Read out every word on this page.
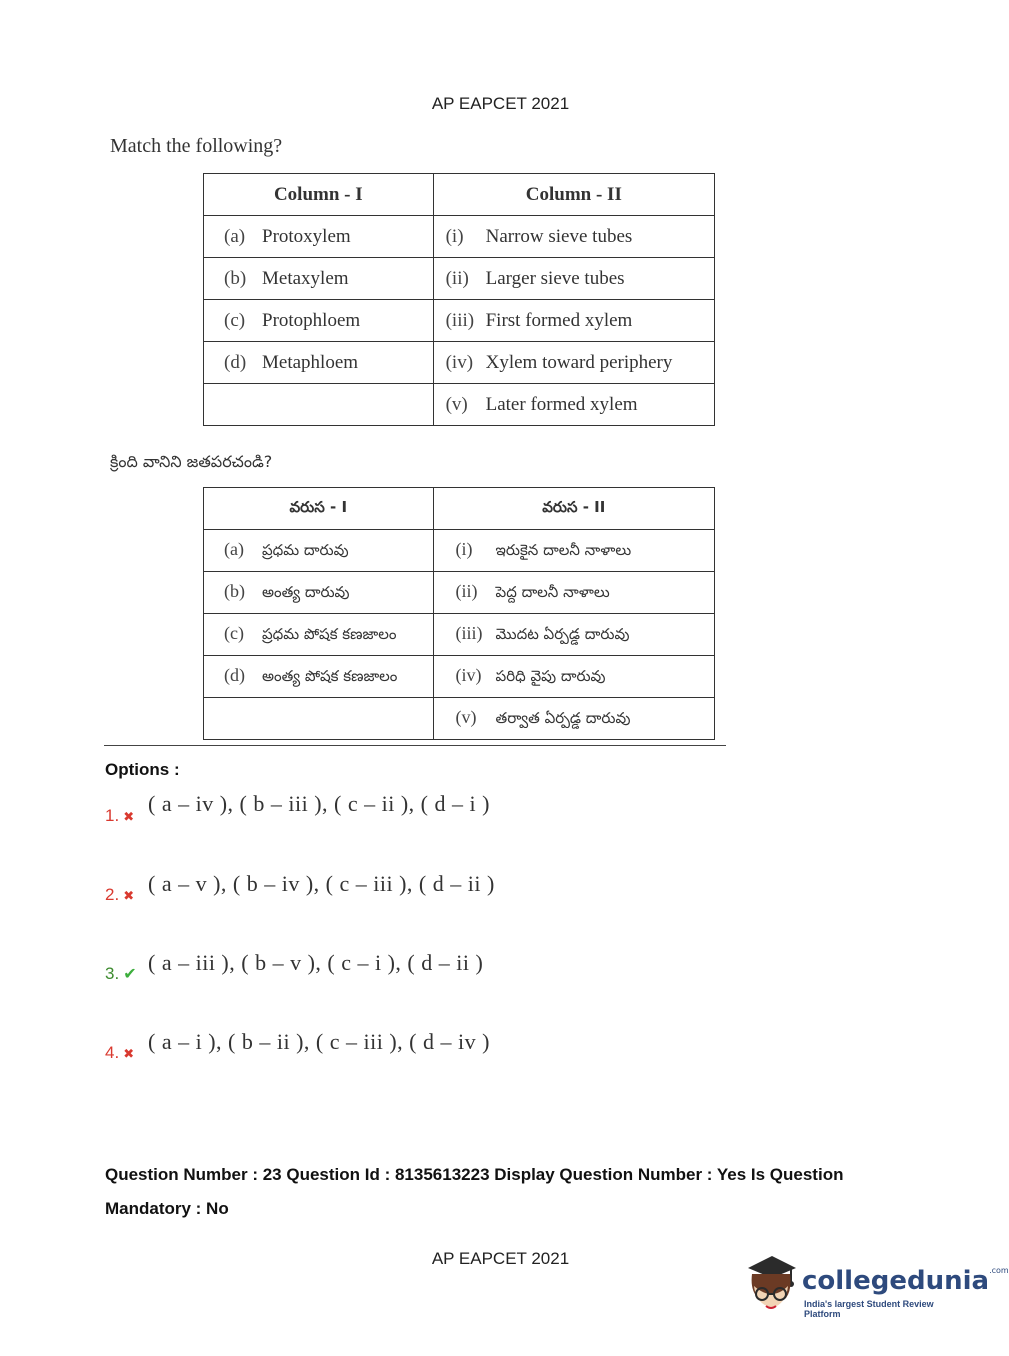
AP EAPCET 2021
Match the following?
Column - I	Column - II
(a) Protoxylem	(i) Narrow sieve tubes
(b) Metaxylem	(ii) Larger sieve tubes
(c) Protophloem	(iii) First formed xylem
(d) Metaphloem	(iv) Xylem toward periphery
	(v) Later formed xylem
క్రింది వానిని జతపరచండి?
వరుస - I	వరుస - II
(a) ప్రధమ దారువు	(i) ఇరుకైన దాలనీ నాళాలు
(b) అంత్య దారువు	(ii) పెద్ద దాలనీ నాళాలు
(c) ప్రధమ పోషక కణజాలం	(iii) మొదట ఏర్పడ్డ దారువు
(d) అంత్య పోషక కణజాలం	(iv) పరిధి వైపు దారువు
	(v) తర్వాత ఏర్పడ్డ దారువు
Options :
1. ✖
( a – iv ), ( b – iii ), ( c – ii ), ( d – i )
2. ✖ ( a – v ), ( b – iv ), ( c – iii ), ( d – ii )
3. ✔ ( a – iii ), ( b – v ), ( c – i ), ( d – ii )
4. ✖ ( a – i ), ( b – ii ), ( c – iii ), ( d – iv )
Question Number : 23 Question Id : 8135613223 Display Question Number : Yes Is Question
Mandatory : No
AP EAPCET 2021
collegedunia$^{.com}$
India's largest Student Review Platform
